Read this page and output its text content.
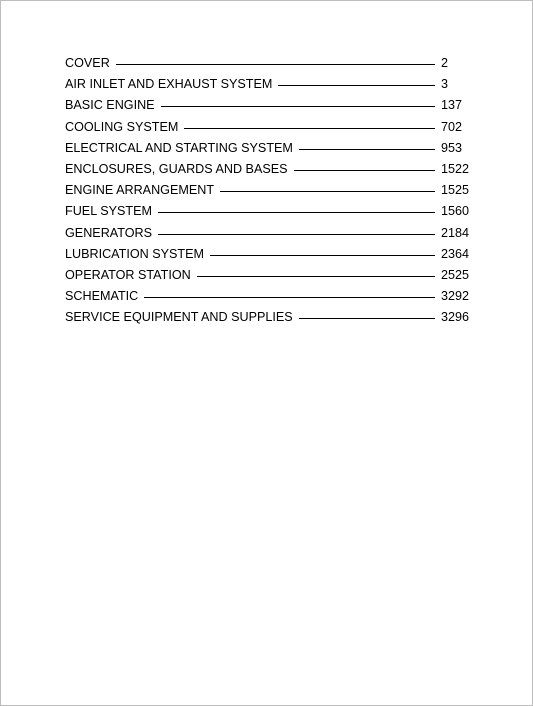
COVER	2
AIR INLET AND EXHAUST SYSTEM	3
BASIC ENGINE	137
COOLING SYSTEM	702
ELECTRICAL AND STARTING SYSTEM	953
ENCLOSURES, GUARDS AND BASES	1522
ENGINE ARRANGEMENT	1525
FUEL SYSTEM	1560
GENERATORS	2184
LUBRICATION SYSTEM	2364
OPERATOR STATION	2525
SCHEMATIC	3292
SERVICE EQUIPMENT AND SUPPLIES	3296
